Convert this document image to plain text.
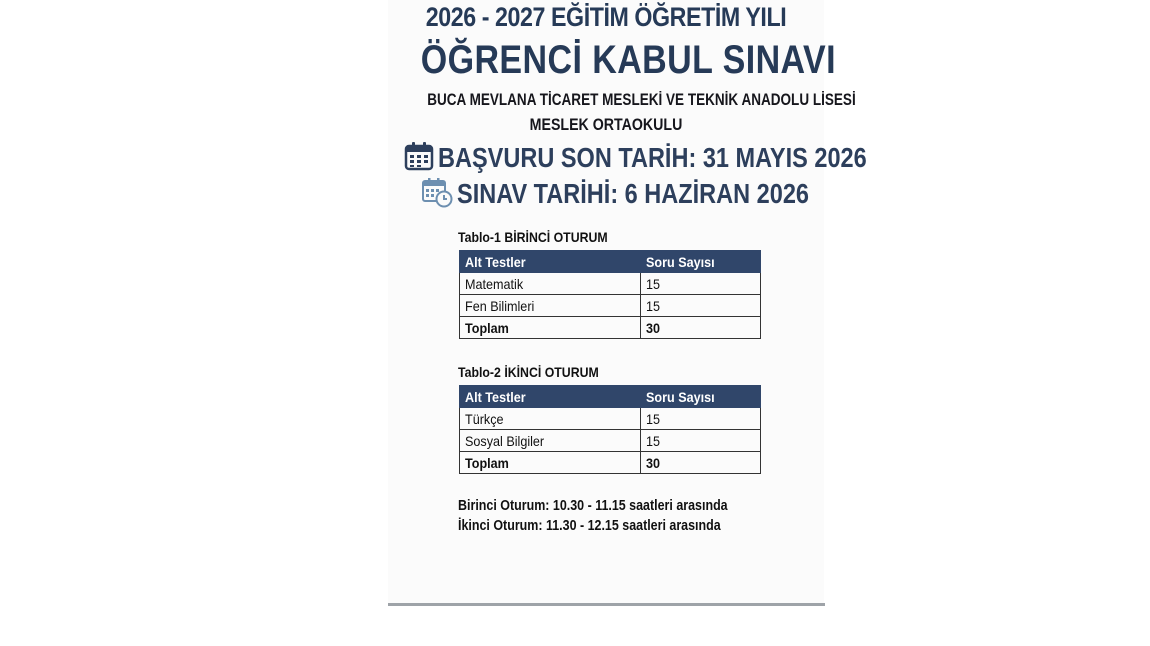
2026 - 2027 EĞİTİM ÖĞRETİM YILI
ÖĞRENCİ KABUL SINAVI
BUCA MEVLANA TİCARET MESLEKİ VE TEKNİK ANADOLU LİSESİ
MESLEK ORTAOKULU
BAŞVURU SON TARİH: 31 MAYIS 2026
SINAV TARİHİ: 6 HAZİRAN 2026
Tablo-1 BİRİNCİ OTURUM
Alt Testler	Soru Sayısı
Matematik	15
Fen Bilimleri	15
Toplam	30
Tablo-2 İKİNCİ OTURUM
Alt Testler	Soru Sayısı
Türkçe	15
Sosyal Bilgiler	15
Toplam	30
Birinci Oturum: 10.30 - 11.15 saatleri arasında
İkinci Oturum: 11.30 - 12.15 saatleri arasında
